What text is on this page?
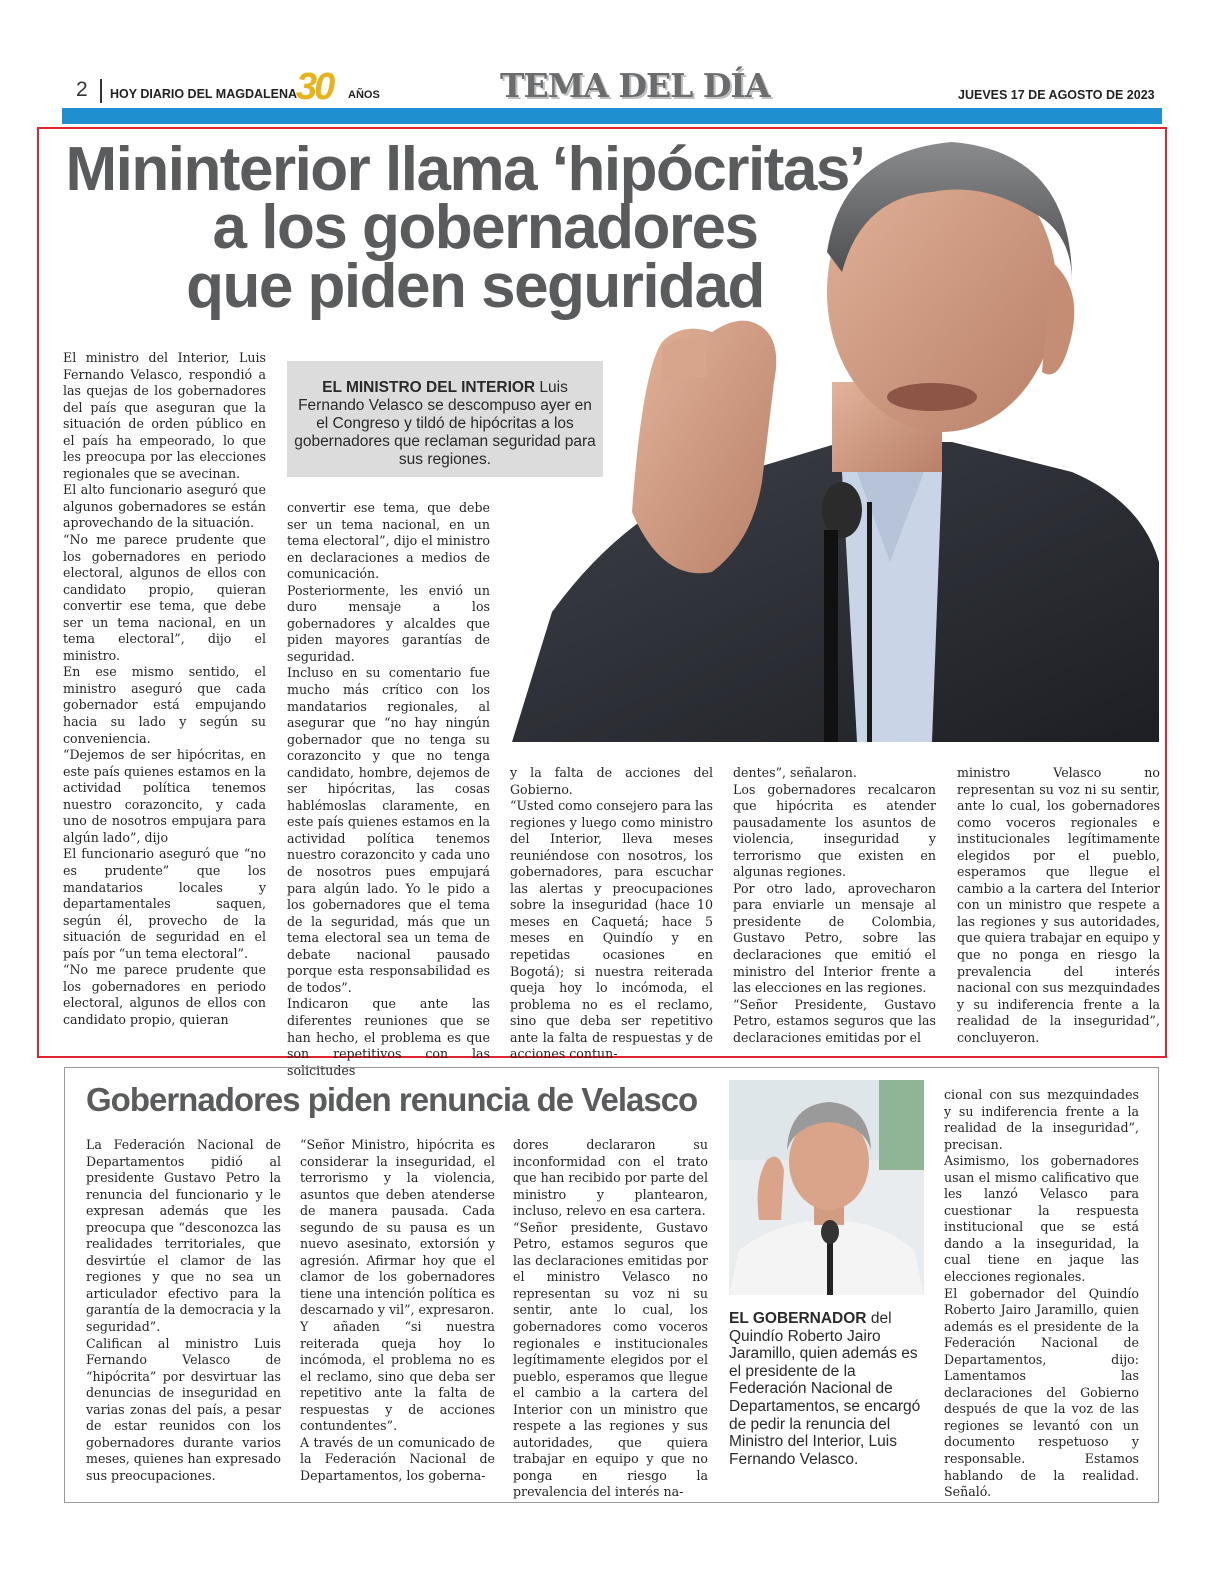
2 HOY DIARIO DEL MAGDALENA
30 AÑOS	TEMA DEL DÍA	JUEVES 17 DE AGOSTO DE 2023
Mininterior llama ‘hipócritas’
a los gobernadores
que piden seguridad
EL MINISTRO DEL INTERIOR Luis Fernando Velasco se descompuso ayer en el Congreso y tildó de hipócritas a los gobernadores que reclaman seguridad para sus regiones.

El ministro del Interior, Luis Fernando Velasco, respondió a las quejas de los gobernadores del país que aseguran que la situación de orden público en el país ha empeorado, lo que les preocupa por las elecciones regionales que se avecinan.
El alto funcionario aseguró que algunos gobernadores se están aprovechando de la situación.
“No me parece prudente que los gobernadores en periodo electoral, algunos de ellos con candidato propio, quieran convertir ese tema, que debe ser un tema nacional, en un tema electoral”, dijo el ministro.
En ese mismo sentido, el ministro aseguró que cada gobernador está empujando hacia su lado y según su conveniencia.
“Dejemos de ser hipócritas, en este país quienes estamos en la actividad política tenemos nuestro corazoncito, y cada uno de nosotros empujara para algún lado”, dijo
El funcionario aseguró que “no es prudente” que los mandatarios locales y departamentales saquen, según él, provecho de la situación de seguridad en el país por “un tema electoral”.
“No me parece prudente que los gobernadores en periodo electoral, algunos de ellos con candidato propio, quieran

convertir ese tema, que debe ser un tema nacional, en un tema electoral”, dijo el ministro en declaraciones a medios de comunicación.
Posteriormente, les envió un duro mensaje a los gobernadores y alcaldes que piden mayores garantías de seguridad.
Incluso en su comentario fue mucho más crítico con los mandatarios regionales, al asegurar que “no hay ningún gobernador que no tenga su corazoncito y que no tenga candidato, hombre, dejemos de ser hipócritas, las cosas hablémoslas claramente, en este país quienes estamos en la actividad política tenemos nuestro corazoncito y cada uno de nosotros pues empujará para algún lado. Yo le pido a los gobernadores que el tema de la seguridad, más que un tema electoral sea un tema de debate nacional pausado porque esta responsabilidad es de todos”.
Indicaron que ante las diferentes reuniones que se han hecho, el problema es que son repetitivos con las solicitudes

y la falta de acciones del Gobierno.
“Usted como consejero para las regiones y luego como ministro del Interior, lleva meses reuniéndose con nosotros, los gobernadores, para escuchar las alertas y preocupaciones sobre la inseguridad (hace 10 meses en Caquetá; hace 5 meses en Quindío y en repetidas ocasiones en Bogotá); si nuestra reiterada queja hoy lo incómoda, el problema no es el reclamo, sino que deba ser repetitivo ante la falta de respuestas y de acciones contun-

dentes”, señalaron.
Los gobernadores recalcaron que hipócrita es atender pausadamente los asuntos de violencia, inseguridad y terrorismo que existen en algunas regiones.
Por otro lado, aprovecharon para enviarle un mensaje al presidente de Colombia, Gustavo Petro, sobre las declaraciones que emitió el ministro del Interior frente a las elecciones en las regiones.
“Señor Presidente, Gustavo Petro, estamos seguros que las declaraciones emitidas por el

ministro Velasco no representan su voz ni su sentir, ante lo cual, los gobernadores como voceros regionales e institucionales legítimamente elegidos por el pueblo, esperamos que llegue el cambio a la cartera del Interior con un ministro que respete a las regiones y sus autoridades, que quiera trabajar en equipo y que no ponga en riesgo la prevalencia del interés nacional con sus mezquindades y su indiferencia frente a la realidad de la inseguridad”, concluyeron.

Gobernadores piden renuncia de Velasco

La Federación Nacional de Departamentos pidió al presidente Gustavo Petro la renuncia del funcionario y le expresan además que les preocupa que “desconozca las realidades territoriales, que desvirtúe el clamor de las regiones y que no sea un articulador efectivo para la garantía de la democracia y la seguridad”.
Califican al ministro Luis Fernando Velasco de “hipócrita” por desvirtuar las denuncias de inseguridad en varias zonas del país, a pesar de estar reunidos con los gobernadores durante varios meses, quienes han expresado sus preocupaciones.

“Señor Ministro, hipócrita es considerar la inseguridad, el terrorismo y la violencia, asuntos que deben atenderse de manera pausada. Cada segundo de su pausa es un nuevo asesinato, extorsión y agresión. Afirmar hoy que el clamor de los gobernadores tiene una intención política es descarnado y vil”, expresaron.
Y añaden “si nuestra reiterada queja hoy lo incómoda, el problema no es el reclamo, sino que deba ser repetitivo ante la falta de respuestas y de acciones contundentes”.
A través de un comunicado de la Federación Nacional de Departamentos, los goberna-

dores declararon su inconformidad con el trato que han recibido por parte del ministro y plantearon, incluso, relevo en esa cartera.
“Señor presidente, Gustavo Petro, estamos seguros que las declaraciones emitidas por el ministro Velasco no representan su voz ni su sentir, ante lo cual, los gobernadores como voceros regionales e institucionales legítimamente elegidos por el pueblo, esperamos que llegue el cambio a la cartera del Interior con un ministro que respete a las regiones y sus autoridades, que quiera trabajar en equipo y que no ponga en riesgo la prevalencia del interés na-

EL GOBERNADOR del Quindío Roberto Jairo Jaramillo, quien además es el presidente de la Federación Nacional de Departamentos, se encargó de pedir la renuncia del Ministro del Interior, Luis Fernando Velasco.

cional con sus mezquindades y su indiferencia frente a la realidad de la inseguridad”, precisan.
Asimismo, los gobernadores usan el mismo calificativo que les lanzó Velasco para cuestionar la respuesta institucional que se está dando a la inseguridad, la cual tiene en jaque las elecciones regionales.
El gobernador del Quindío Roberto Jairo Jaramillo, quien además es el presidente de la Federación Nacional de Departamentos, dijo: Lamentamos las declaraciones del Gobierno después de que la voz de las regiones se levantó con un documento respetuoso y responsable. Estamos hablando de la realidad. Señaló.
